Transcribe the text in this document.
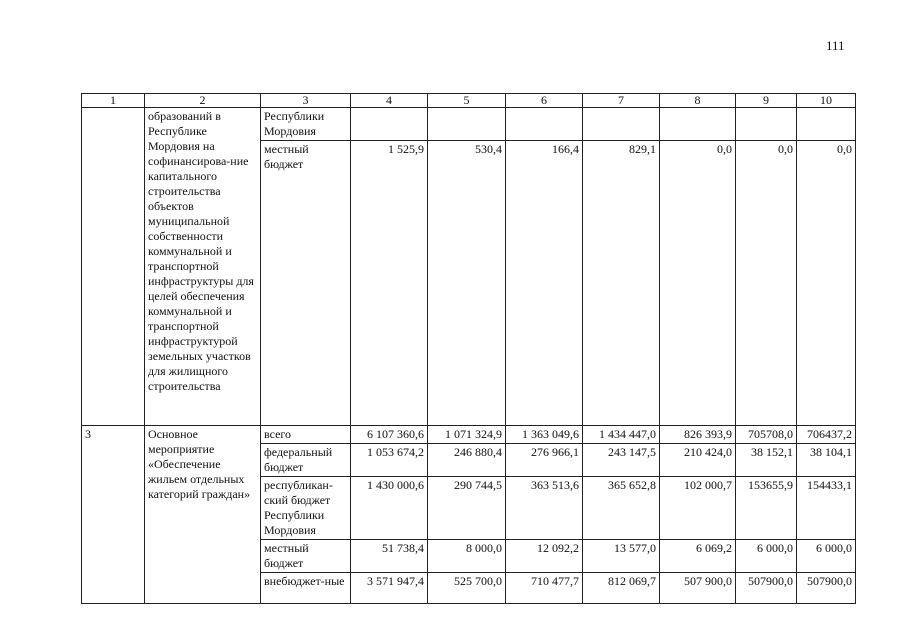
111
1	2	3	4	5	6	7	8	9	10
	образований в Республике Мордовия на софинансирова-ние капитального строительства объектов муниципальной собственности коммунальной и транспортной инфраструктуры для целей обеспечения коммунальной и транспортной инфраструктурой земельных участков для жилищного строительства	Республики Мордовия							
		местный бюджет	1 525,9	530,4	166,4	829,1	0,0	0,0	0,0
3	Основное мероприятие «Обеспечение жильем отдельных категорий граждан»	всего	6 107 360,6	1 071 324,9	1 363 049,6	1 434 447,0	826 393,9	705708,0	706437,2
		федеральный бюджет	1 053 674,2	246 880,4	276 966,1	243 147,5	210 424,0	38 152,1	38 104,1
		республикан-ский бюджет Республики Мордовия	1 430 000,6	290 744,5	363 513,6	365 652,8	102 000,7	153655,9	154433,1
		местный бюджет	51 738,4	8 000,0	12 092,2	13 577,0	6 069,2	6 000,0	6 000,0
		внебюджет-ные	3 571 947,4	525 700,0	710 477,7	812 069,7	507 900,0	507900,0	507900,0
